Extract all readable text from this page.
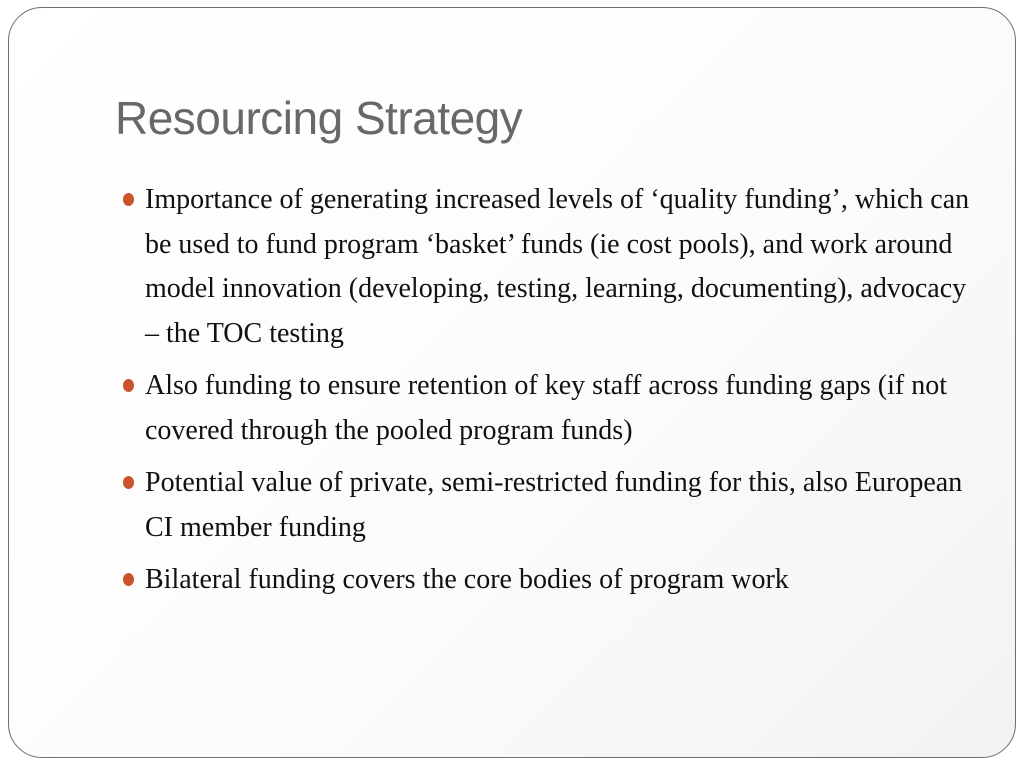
Resourcing Strategy
Importance of generating increased levels of ‘quality funding’, which can be used to fund program ‘basket’ funds (ie cost pools), and work around model innovation (developing, testing, learning, documenting), advocacy – the TOC testing
Also funding to ensure retention of key staff across funding gaps (if not covered through the pooled program funds)
Potential value of private, semi-restricted funding for this, also European CI member funding
Bilateral funding covers the core bodies of program work
